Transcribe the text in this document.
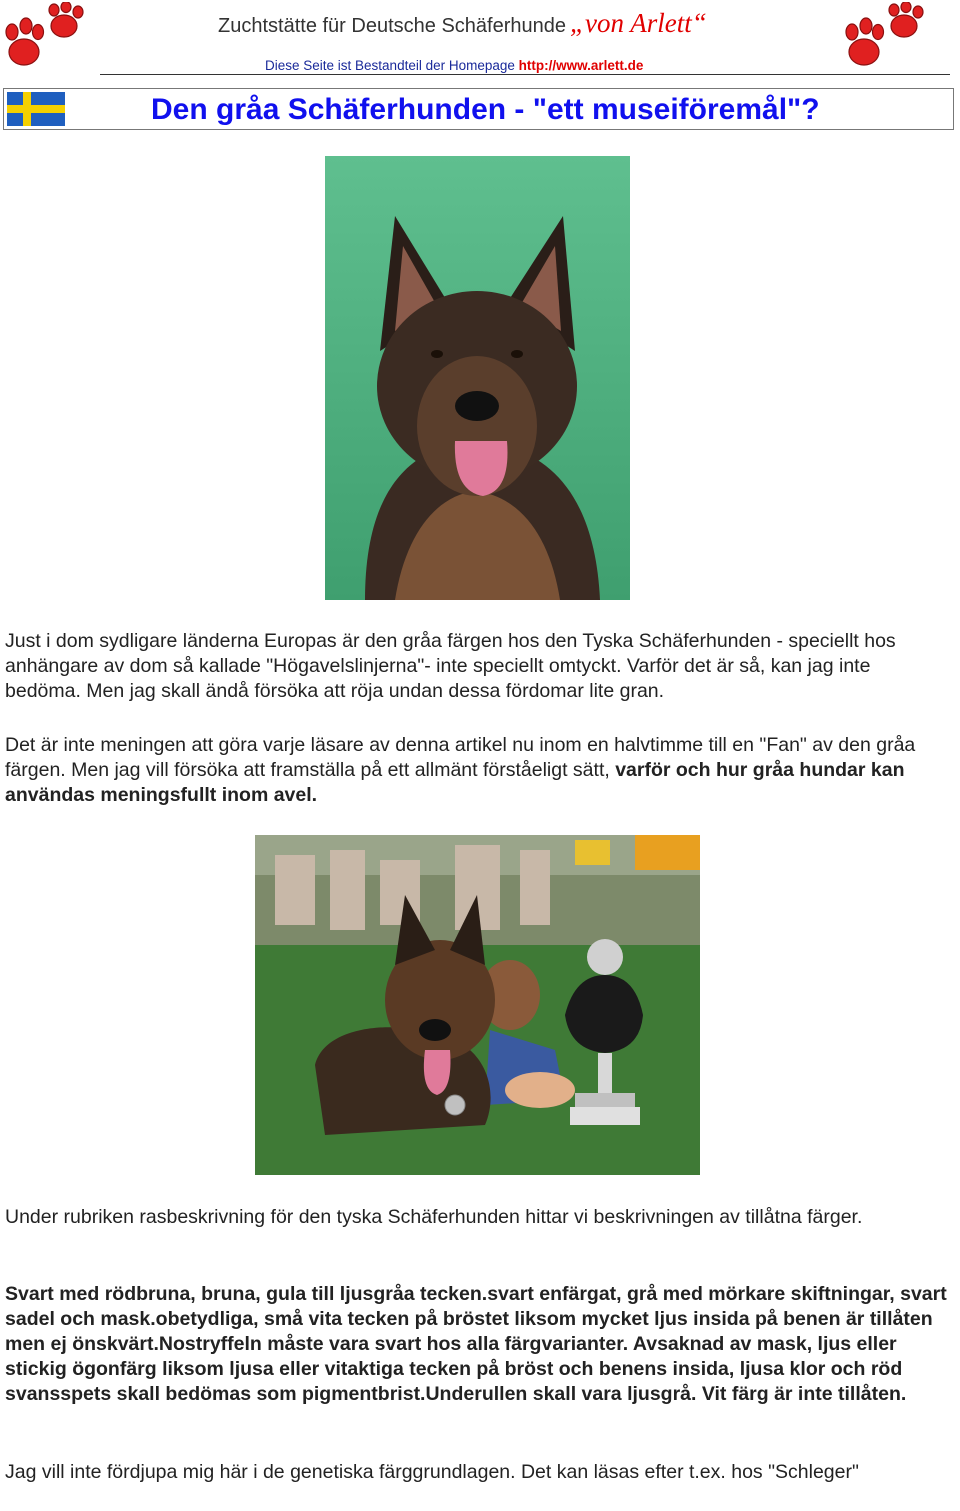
Zuchtstätte für Deutsche Schäferhunde „von Arlett“
Diese Seite ist Bestandteil der Homepage http://www.arlett.de
Den gråa Schäferhunden - "ett museiföremål"?

Just i dom sydligare länderna Europas är den gråa färgen hos den Tyska Schäferhunden - speciellt hos anhängare av dom så kallade "Högavelslinjerna"- inte speciellt omtyckt. Varför det är så, kan jag inte bedöma. Men jag skall ändå försöka att röja undan dessa fördomar lite gran.

Det är inte meningen att göra varje läsare av denna artikel nu inom en halvtimme till en "Fan" av den gråa färgen. Men jag vill försöka att framställa på ett allmänt förståeligt sätt, varför och hur gråa hundar kan användas meningsfullt inom avel.

Under rubriken rasbeskrivning för den tyska Schäferhunden hittar vi beskrivningen av tillåtna färger.

Svart med rödbruna, bruna, gula till ljusgråa tecken.svart enfärgat, grå med mörkare skiftningar, svart sadel och mask.obetydliga, små vita tecken på bröstet liksom mycket ljus insida på benen är tillåten men ej önskvärt.Nostryffeln måste vara svart hos alla färgvarianter. Avsaknad av mask, ljus eller stickig ögonfärg liksom ljusa eller vitaktiga tecken på bröst och benens insida, ljusa klor och röd svansspets skall bedömas som pigmentbrist.Underullen skall vara ljusgrå. Vit färg är inte tillåten.

Jag vill inte fördjupa mig här i de genetiska färggrundlagen. Det kan läsas efter t.ex. hos "Schleger"
